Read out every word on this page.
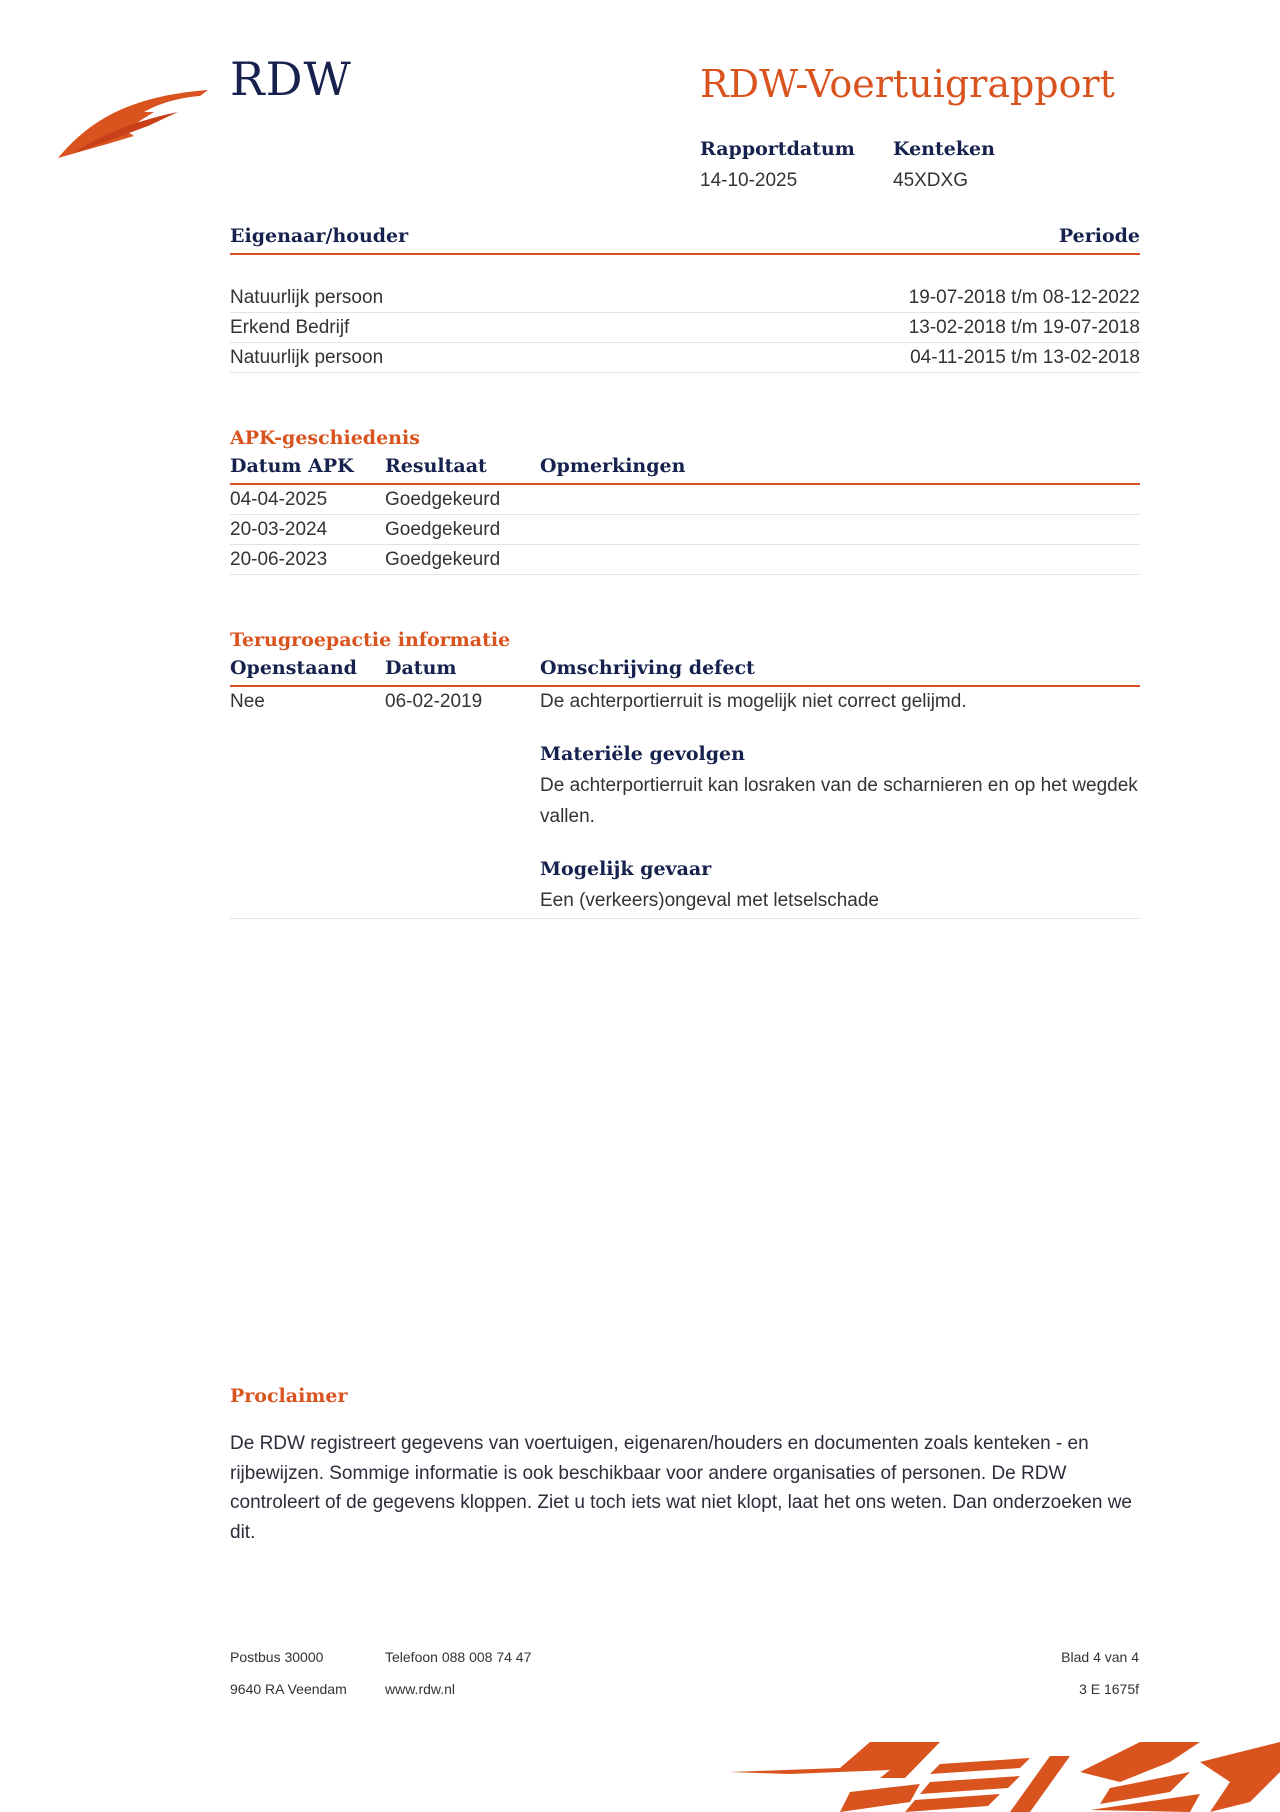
RDW	RDW-Voertuigrapport
Rapportdatum
14-10-2025
Kenteken
45XDXG
Eigenaar/houder	Periode
Natuurlijk persoon	19-07-2018 t/m 08-12-2022
Erkend Bedrijf	13-02-2018 t/m 19-07-2018
Natuurlijk persoon	04-11-2015 t/m 13-02-2018
APK-geschiedenis
Datum APK	Resultaat	Opmerkingen
04-04-2025	Goedgekeurd
20-03-2024	Goedgekeurd
20-06-2023	Goedgekeurd
Terugroepactie informatie
Openstaand	Datum	Omschrijving defect
Nee	06-02-2019	De achterportierruit is mogelijk niet correct gelijmd.
Materiële gevolgen
De achterportierruit kan losraken van de scharnieren en op het wegdek vallen.
Mogelijk gevaar
Een (verkeers)ongeval met letselschade
Proclaimer

De RDW registreert gegevens van voertuigen, eigenaren/houders en documenten zoals kenteken - en rijbewijzen. Sommige informatie is ook beschikbaar voor andere organisaties of personen. De RDW controleert of de gegevens kloppen. Ziet u toch iets wat niet klopt, laat het ons weten. Dan onderzoeken we dit.

Postbus 30000
9640 RA Veendam
Telefoon 088 008 74 47
www.rdw.nl
Blad 4 van 4
3 E 1675f
